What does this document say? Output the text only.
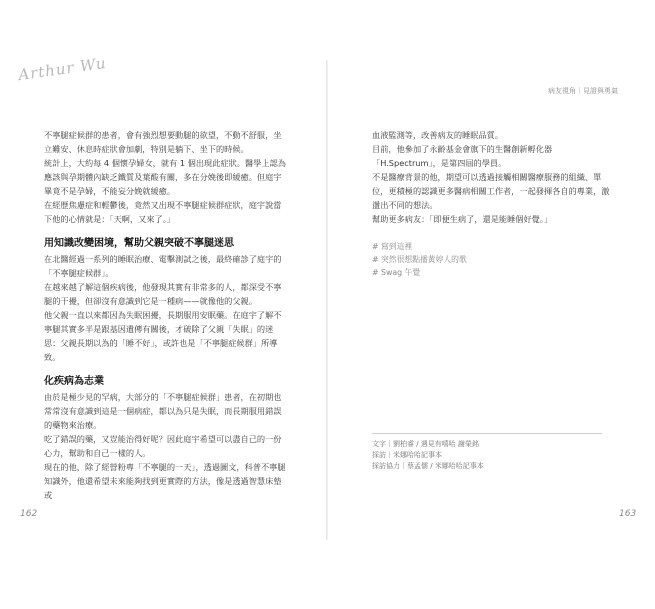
Arthur Wu
病友視角｜見證與勇氣

不寧腿症候群的患者，會有強烈想要動腿的欲望，不動不舒服，坐立難安、休息時症狀會加劇，特別是躺下、坐下的時候。

統計上，大約每 4 個懷孕婦女，就有 1 個出現此症狀。醫學上認為應該與孕期體內缺乏鐵質及葉酸有關，多在分娩後即緩癒。但庭宇畢竟不是孕婦，不能妄分娩就緩癒。

在經歷焦慮症和輕鬱後，竟然又出現不寧腿症候群症狀，庭宇說當下他的心情就是：「天啊，又來了。」

用知識改變困境，幫助父親突破不寧腿迷思

在北醫經過一系列的睡眠治療、電擊測試之後，最終確診了庭宇的「不寧腿症候群」。

在越來越了解這個疾病後，他發現其實有非常多的人，都深受不寧腿的干擾，但卻沒有意識到它是一種病——就像他的父親。

他父親一直以來都因為失眠困擾，長期服用安眠藥。在庭宇了解不寧腿其實多半是跟基因遺傳有關後，才破除了父親「失眠」的迷思：父親長期以為的「睡不好」，或許也是「不寧腿症候群」所導致。

化疾病為志業

由於是極少見的罕病，大部分的「不寧腿症候群」患者，在初期也常常沒有意識到這是一個病症，都以為只是失眠，而長期服用錯誤的藥物來治療。

吃了錯誤的藥，又豈能治得好呢？因此庭宇希望可以盡自己的一份心力，幫助和自己一樣的人。

現在的他，除了經營粉專「不寧腿的一天」，透過圖文，科普不寧腿知識外，他還希望未來能夠找到更實際的方法，像是透過智慧床墊或

血液監測等，改善病友的睡眠品質。

目前，他參加了永齡基金會旗下的生醫創新孵化器「H.Spectrum」，是第四屆的學員。

不是醫療背景的他，期望可以透過接觸相關醫療服務的組織、單位，更積極的認識更多醫病相關工作者，一起發揮各自的專業，激盪出不同的想法。

幫助更多病友：「即便生病了，還是能睡個好覺。」

# 寫到這裡

# 突然很想點播黃婷人的歌

# Swag 午覺

文字｜劉柏睿 / 遇見有嘻哈 謝榮銘

採訪｜米娜哈哈記事本

採訪協力｜蔡孟儒 / 米娜哈哈記事本

162	163
